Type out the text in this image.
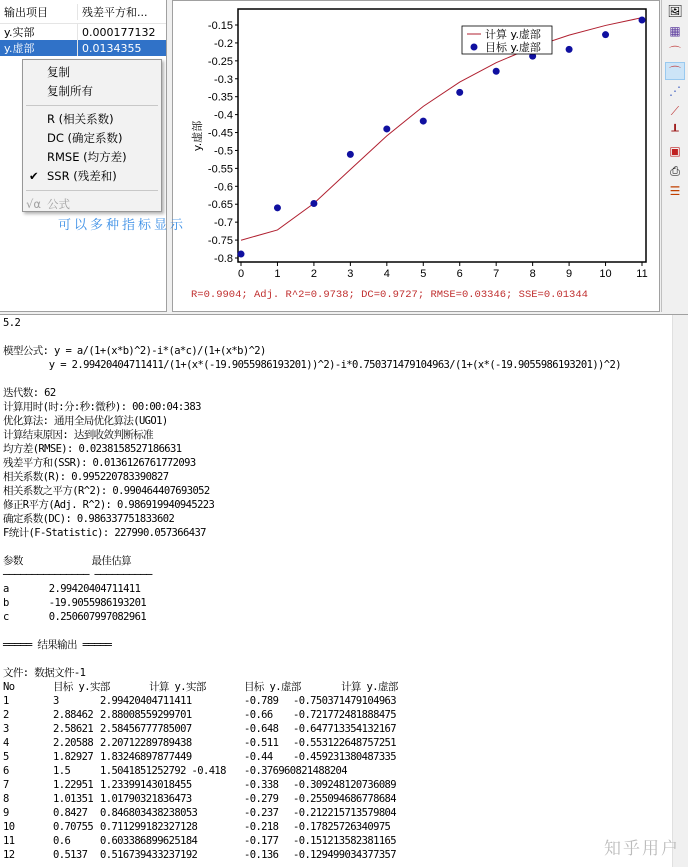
输出项目	残差平方和...
y.实部	0.000177132
y.虚部	0.0134355
复制
复制所有
R (相关系数)
DC (确定系数)
RMSE (均方差)
✔ SSR (残差和)
√α 公式
可以多种指标显示
-0.15
-0.2
-0.25
-0.3
-0.35
-0.4
-0.45
-0.5
-0.55
-0.6
-0.65
-0.7
-0.75
-0.8
0	1	2	3	4	5	6	7	8	9 10 11
y.虚部
计算 y.虚部
目标 y.虚部
R=0.9904; Adj. R^2=0.9738; DC=0.9727; RMSE=0.03346; SSE=0.01344
🖼
▦
⌒
⌒
⋰
⟋
┸
▣
⎙
☰
5.2
模型公式: y = a/(1+(x*b)^2)-i*(a*c)/(1+(x*b)^2)
y = 2.99420404711411/(1+(x*(-19.9055986193201))^2)-i*0.750371479104963/(1+(x*(-19.9055986193201))^2)
迭代数: 62
计算用时(时:分:秒:微秒): 00:00:04:383
优化算法: 通用全局优化算法(UGO1)
计算结束原因: 达到收敛判断标准
均方差(RMSE): 0.0238158527186631
残差平方和(SSR): 0.0136126761772093
相关系数(R): 0.995220783390827
相关系数之平方(R^2): 0.990464407693052
修正R平方(Adj. R^2): 0.986919940945223
确定系数(DC): 0.986337751833602
F统计(F-Statistic): 227990.057366437
参数            最佳估算
─────────────── ──────────
a       2.99420404711411
b       -19.9055986193201
c       0.250607997082961
═════ 结果输出 ═════
文件: 数据文件-1
No	目标 y.实部	计算 y.实部	目标 y.虚部	计算 y.虚部
1	3	2.99420404711411	-0.789	-0.750371479104963
2	2.88462 2.88008559299701	-0.66	-0.721772481888475
3	2.58621 2.58456777785007	-0.648	-0.647713354132167
4	2.20588 2.20712289789438	-0.511	-0.553122648757251
5	1.82927 1.83246897877449	-0.44	-0.459231380487335
6	1.5	1.5041851252792 -0.418	-0.376960821488204
7	1.22951 1.23399143018455	-0.338	-0.309248120736089
8	1.01351 1.01790321836473	-0.279	-0.255094686778684
9	0.8427	0.846803438238053	-0.237	-0.212215713579804
10	0.70755 0.711299182327128	-0.218	-0.17825726340975
11	0.6	0.603386899625184	-0.177	-0.151213582381165
12	0.5137	0.516739433237192	-0.136	-0.129499034377357	知乎用户
